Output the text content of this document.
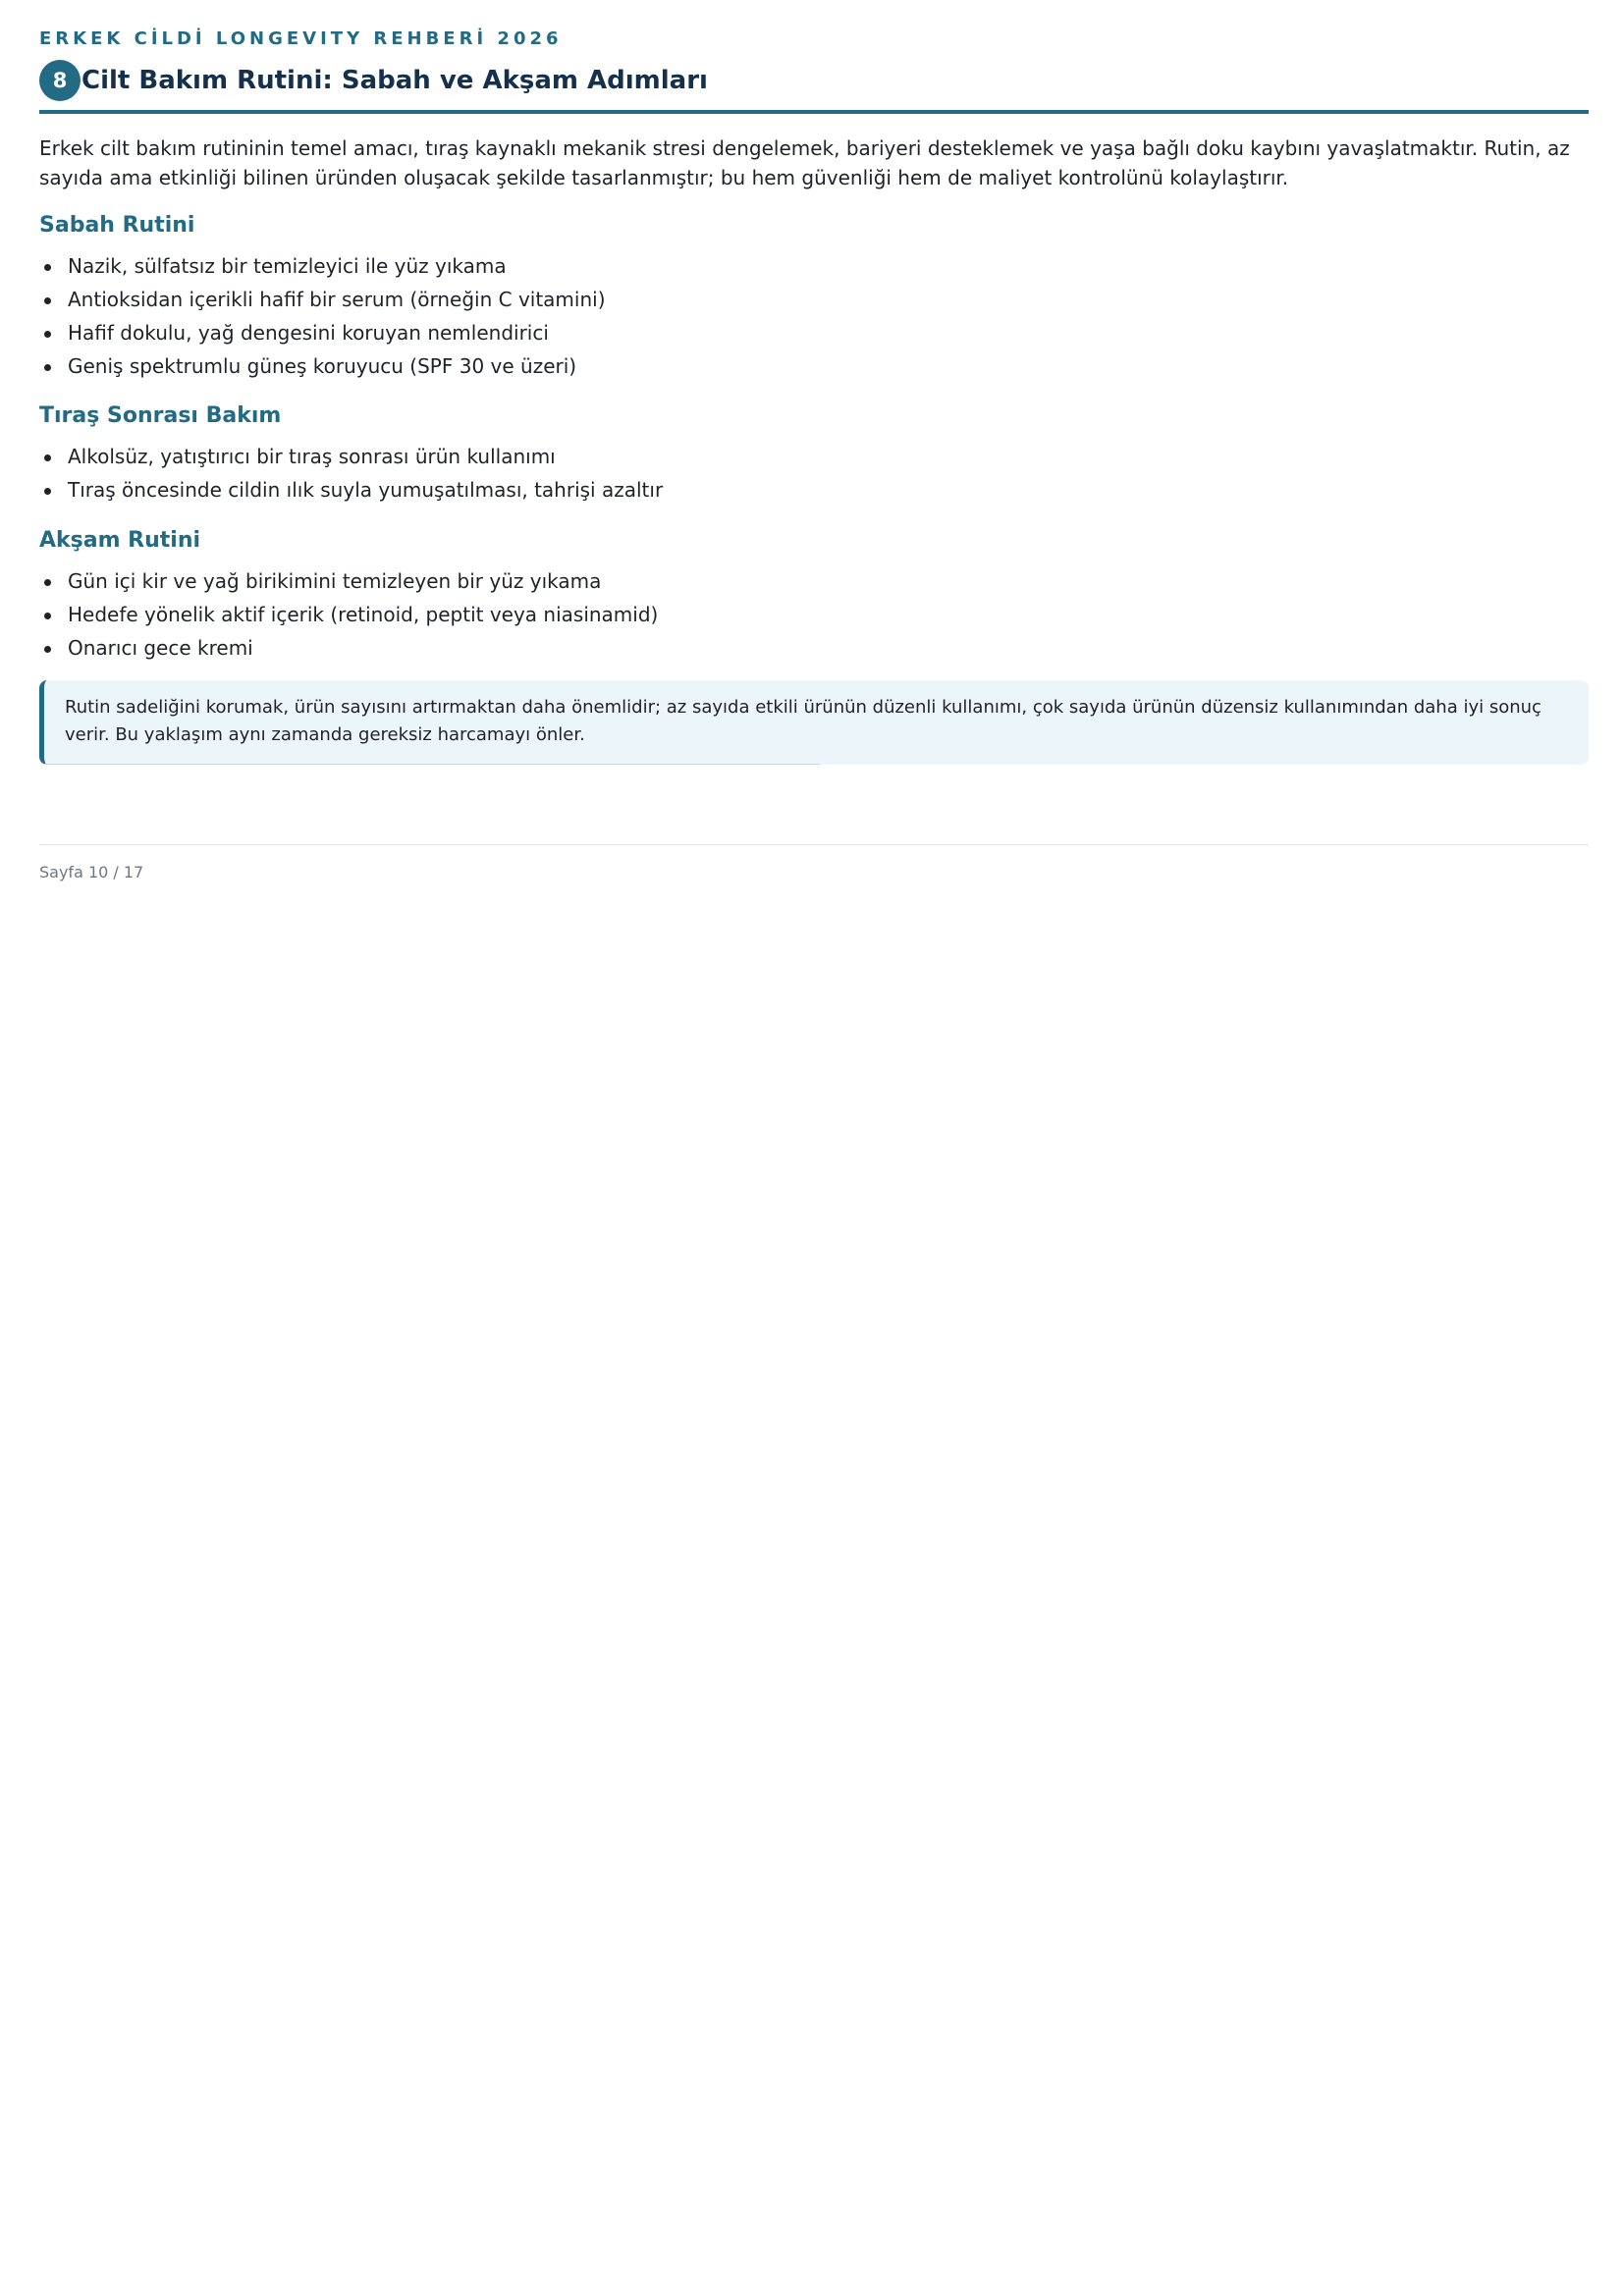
ERKEK CİLDİ LONGEVITY REHBERİ 2026
8 Cilt Bakım Rutini: Sabah ve Akşam Adımları

Erkek cilt bakım rutininin temel amacı, tıraş kaynaklı mekanik stresi dengelemek, bariyeri desteklemek ve yaşa bağlı doku kaybını yavaşlatmaktır. Rutin, az sayıda ama etkinliği bilinen üründen oluşacak şekilde tasarlanmıştır; bu hem güvenliği hem de maliyet kontrolünü kolaylaştırır.

Sabah Rutini
Nazik, sülfatsız bir temizleyici ile yüz yıkama
Antioksidan içerikli hafif bir serum (örneğin C vitamini)
Hafif dokulu, yağ dengesini koruyan nemlendirici
Geniş spektrumlu güneş koruyucu (SPF 30 ve üzeri)
Tıraş Sonrası Bakım
Alkolsüz, yatıştırıcı bir tıraş sonrası ürün kullanımı
Tıraş öncesinde cildin ılık suyla yumuşatılması, tahrişi azaltır
Akşam Rutini
Gün içi kir ve yağ birikimini temizleyen bir yüz yıkama
Hedefe yönelik aktif içerik (retinoid, peptit veya niasinamid)
Onarıcı gece kremi
Rutin sadeliğini korumak, ürün sayısını artırmaktan daha önemlidir; az sayıda etkili ürünün düzenli kullanımı, çok sayıda ürünün düzensiz kullanımından daha iyi sonuç verir. Bu yaklaşım aynı zamanda gereksiz harcamayı önler.
Sayfa 10 / 17
